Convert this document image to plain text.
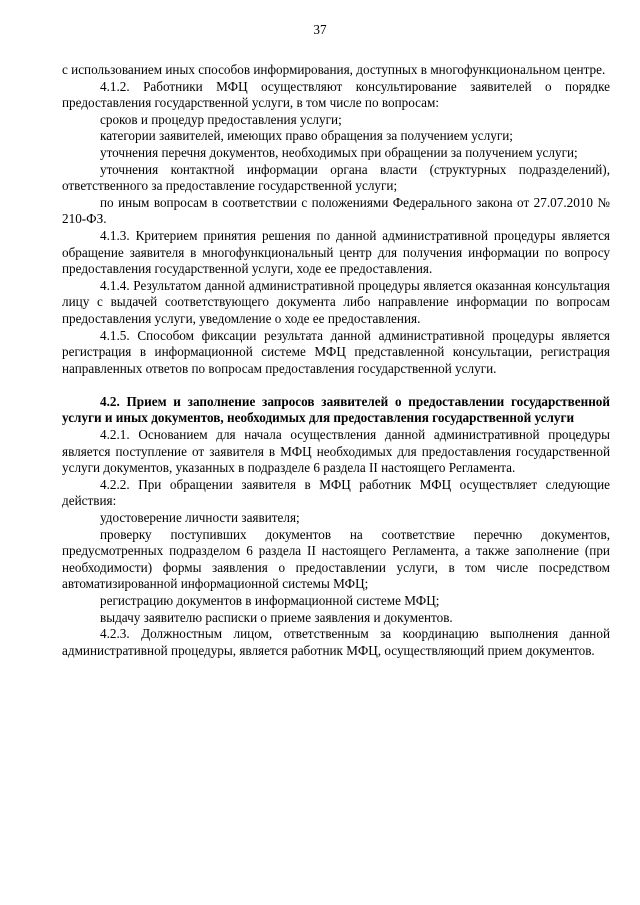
37

с использованием иных способов информирования, доступных в многофункциональном центре.

4.1.2. Работники МФЦ осуществляют консультирование заявителей о порядке предоставления государственной услуги, в том числе по вопросам:

сроков и процедур предоставления услуги;

категории заявителей, имеющих право обращения за получением услуги;

уточнения перечня документов, необходимых при обращении за получением услуги;

уточнения контактной информации органа власти (структурных подразделений), ответственного за предоставление государственной услуги;

по иным вопросам в соответствии с положениями Федерального закона от 27.07.2010 № 210-ФЗ.

4.1.3. Критерием принятия решения по данной административной процедуры является обращение заявителя в многофункциональный центр для получения информации по вопросу предоставления государственной услуги, ходе ее предоставления.

4.1.4. Результатом данной административной процедуры является оказанная консультация лицу с выдачей соответствующего документа либо направление информации по вопросам предоставления услуги, уведомление о ходе ее предоставления.

4.1.5. Способом фиксации результата данной административной процедуры является регистрация в информационной системе МФЦ представленной консультации, регистрация направленных ответов по вопросам предоставления государственной услуги.

4.2. Прием и заполнение запросов заявителей о предоставлении государственной услуги и иных документов, необходимых для предоставления государственной услуги

4.2.1. Основанием для начала осуществления данной административной процедуры является поступление от заявителя в МФЦ необходимых для предоставления государственной услуги документов, указанных в подразделе 6 раздела II настоящего Регламента.

4.2.2. При обращении заявителя в МФЦ работник МФЦ осуществляет следующие действия:

удостоверение личности заявителя;

проверку поступивших документов на соответствие перечню документов, предусмотренных подразделом 6 раздела II настоящего Регламента, а также заполнение (при необходимости) формы заявления о предоставлении услуги, в том числе посредством автоматизированной информационной системы МФЦ;

регистрацию документов в информационной системе МФЦ;

выдачу заявителю расписки о приеме заявления и документов.

4.2.3. Должностным лицом, ответственным за координацию выполнения данной административной процедуры, является работник МФЦ, осуществляющий прием документов.
